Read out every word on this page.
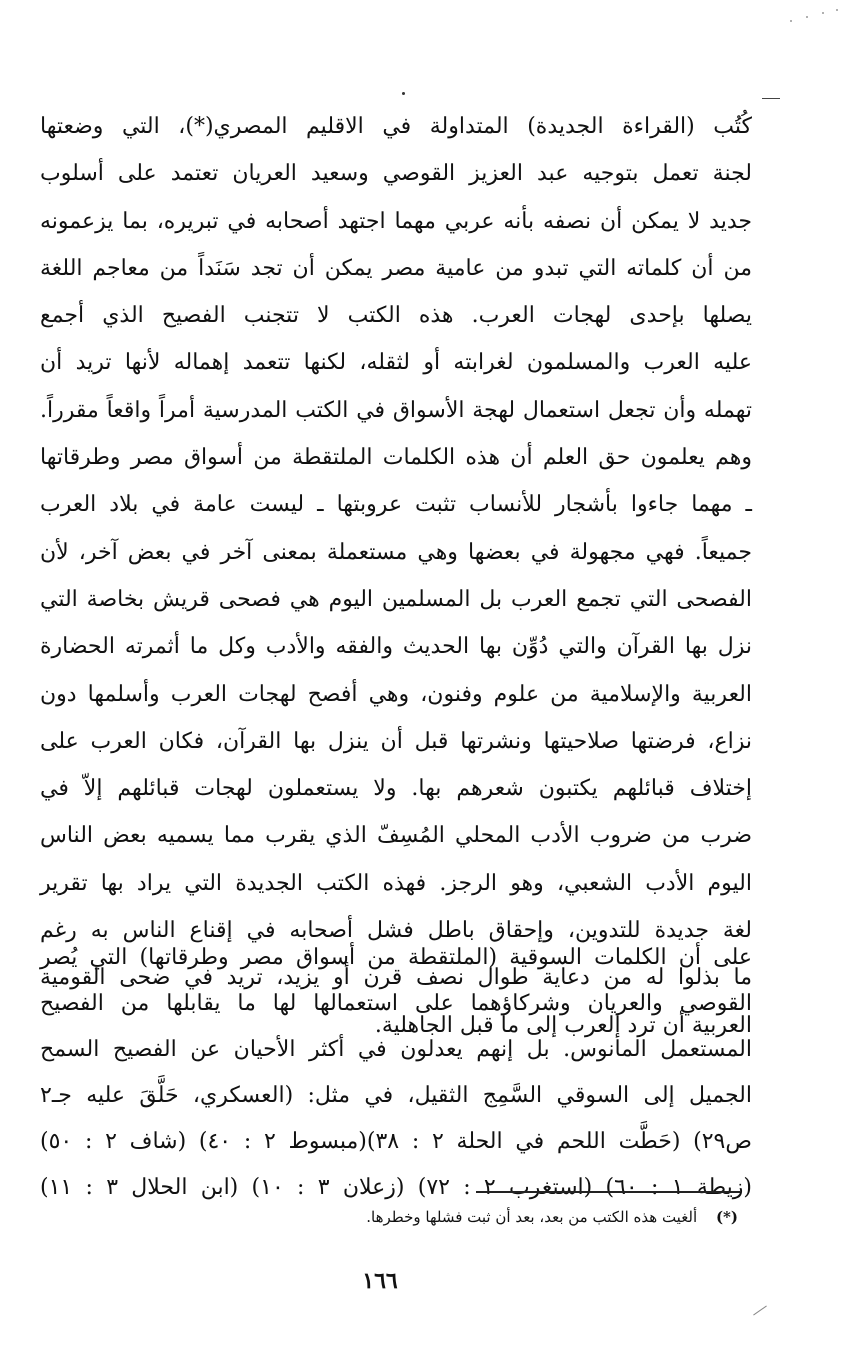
كُتُب (القراءة الجديدة) المتداولة في الاقليم المصري(*)، التي وضعتها
لجنة تعمل بتوجيه عبد العزيز القوصي وسعيد العريان تعتمد على أسلوب
جديد لا يمكن أن نصفه بأنه عربي مهما اجتهد أصحابه في تبريره، بما يزعمونه
من أن كلماته التي تبدو من عامية مصر يمكن أن تجد سَنَداً من معاجم اللغة
يصلها بإحدى لهجات العرب. هذه الكتب لا تتجنب الفصيح الذي أجمع
عليه العرب والمسلمون لغرابته أو لثقله، لكنها تتعمد إهماله لأنها تريد أن
تهمله وأن تجعل استعمال لهجة الأسواق في الكتب المدرسية أمراً واقعاً مقرراً.
وهم يعلمون حق العلم أن هذه الكلمات الملتقطة من أسواق مصر وطرقاتها
ـ مهما جاءوا بأشجار للأنساب تثبت عروبتها ـ ليست عامة في بلاد العرب
جميعاً. فهي مجهولة في بعضها وهي مستعملة بمعنى آخر في بعض آخر، لأن
الفصحى التي تجمع العرب بل المسلمين اليوم هي فصحى قريش بخاصة التي
نزل بها القرآن والتي دُوِّن بها الحديث والفقه والأدب وكل ما أثمرته الحضارة
العربية والإسلامية من علوم وفنون، وهي أفصح لهجات العرب وأسلمها دون
نزاع، فرضتها صلاحيتها ونشرتها قبل أن ينزل بها القرآن، فكان العرب على
إختلاف قبائلهم يكتبون شعرهم بها. ولا يستعملون لهجات قبائلهم إلاّ في
ضرب من ضروب الأدب المحلي المُسِفّ الذي يقرب مما يسميه بعض الناس
اليوم الأدب الشعبي، وهو الرجز. فهذه الكتب الجديدة التي يراد بها تقرير
لغة جديدة للتدوين، وإحقاق باطل فشل أصحابه في إقناع الناس به رغم
ما بذلوا له من دعاية طوال نصف قرن أو يزيد، تريد في ضحى القومية
العربية أن ترد العرب إلى ما قبل الجاهلية.
على أن الكلمات السوقية (الملتقطة من أسواق مصر وطرقاتها) التي يُصر
القوصي والعريان وشركاؤهما على استعمالها لها ما يقابلها من الفصيح
المستعمل المأنوس. بل إنهم يعدلون في أكثر الأحيان عن الفصيح السمح
الجميل إلى السوقي السَّمِج الثقيل، في مثل: (العسكري، حَلَّقَ عليه جـ٢
ص٢٩) (حَطَّت اللحم في الحلة ٢ : ٣٨)(مبسوط ٢ : ٤٠) (شاف ٢ : ٥٠)
(زيطة ١ : ٦٠) (استغرب ٢ : ٧٢) (زعلان ٣ : ١٠) (ابن الحلال ٣ : ١١)
(*) ألغيت هذه الكتب من بعد، بعد أن ثبت فشلها وخطرها.
١٦٦
